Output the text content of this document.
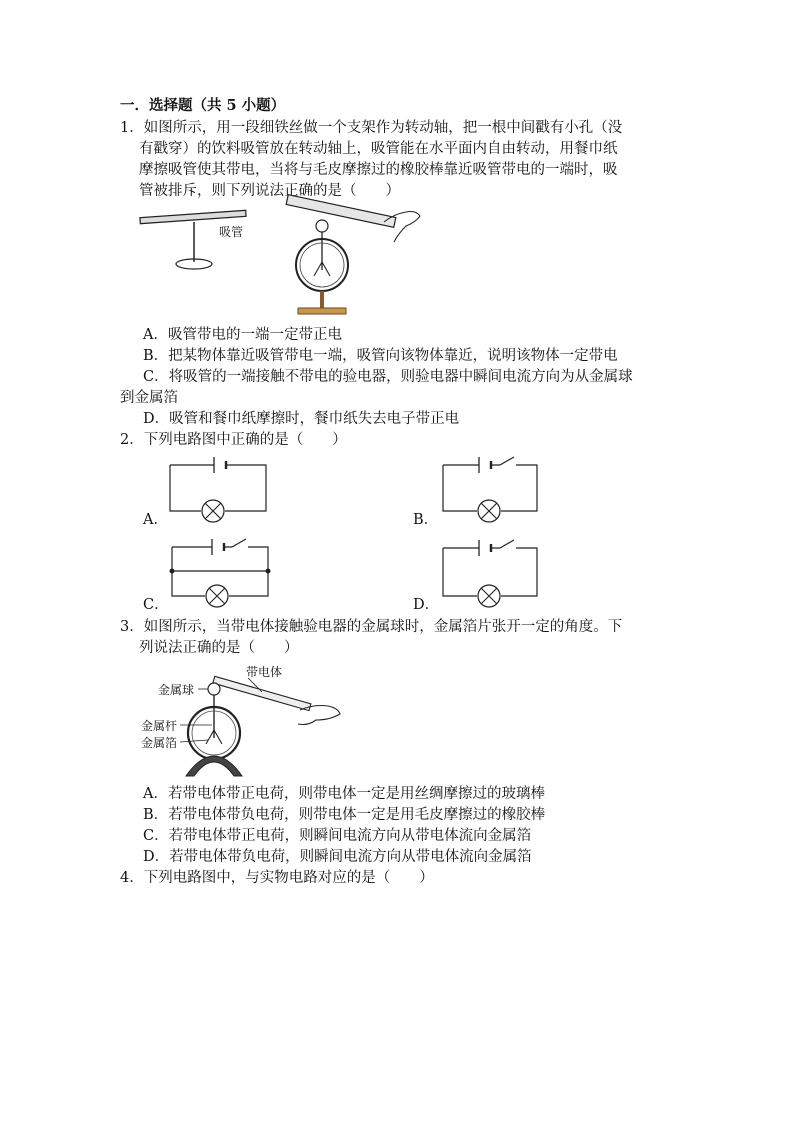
一．选择题（共 5 小题）
1．如图所示，用一段细铁丝做一个支架作为转动轴，把一根中间戳有小孔（没
有戳穿）的饮料吸管放在转动轴上，吸管能在水平面内自由转动，用餐巾纸
摩擦吸管使其带电，当将与毛皮摩擦过的橡胶棒靠近吸管带电的一端时，吸
管被排斥，则下列说法正确的是（　　）
吸管
A．吸管带电的一端一定带正电
B．把某物体靠近吸管带电一端，吸管向该物体靠近，说明该物体一定带电
C．将吸管的一端接触不带电的验电器，则验电器中瞬间电流方向为从金属球
到金属箔
D．吸管和餐巾纸摩擦时，餐巾纸失去电子带正电
2．下列电路图中正确的是（　　）
A．	B．
C．	D．
3．如图所示，当带电体接触验电器的金属球时，金属箔片张开一定的角度。下
列说法正确的是（　　）
带电体
金属球
金属杆
金属箔
A．若带电体带正电荷，则带电体一定是用丝绸摩擦过的玻璃棒
B．若带电体带负电荷，则带电体一定是用毛皮摩擦过的橡胶棒
C．若带电体带正电荷，则瞬间电流方向从带电体流向金属箔
D．若带电体带负电荷，则瞬间电流方向从带电体流向金属箔
4．下列电路图中，与实物电路对应的是（　　）
